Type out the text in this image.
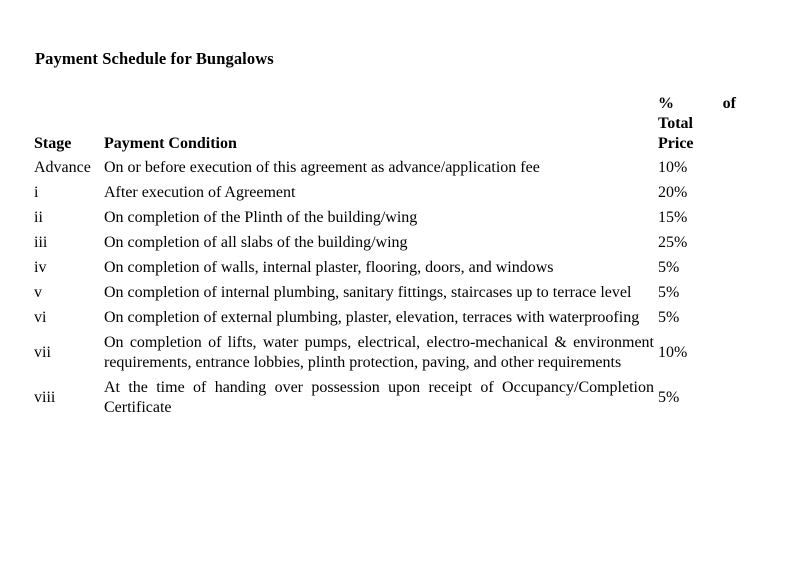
Payment Schedule for Bungalows
Stage	Payment Condition	% of
Total
Price

Advance	On or before execution of this agreement as advance/application fee	10%
i	After execution of Agreement	20%
ii	On completion of the Plinth of the building/wing	15%
iii	On completion of all slabs of the building/wing	25%
iv	On completion of walls, internal plaster, flooring, doors, and windows	5%
v	On completion of internal plumbing, sanitary fittings, staircases up to terrace level	5%
vi	On completion of external plumbing, plaster, elevation, terraces with waterproofing	5%
vii	On completion of lifts, water pumps, electrical, electro-mechanical & environment requirements, entrance lobbies, plinth protection, paving, and other requirements	10%
viii	At the time of handing over possession upon receipt of Occupancy/Completion Certificate	5%
